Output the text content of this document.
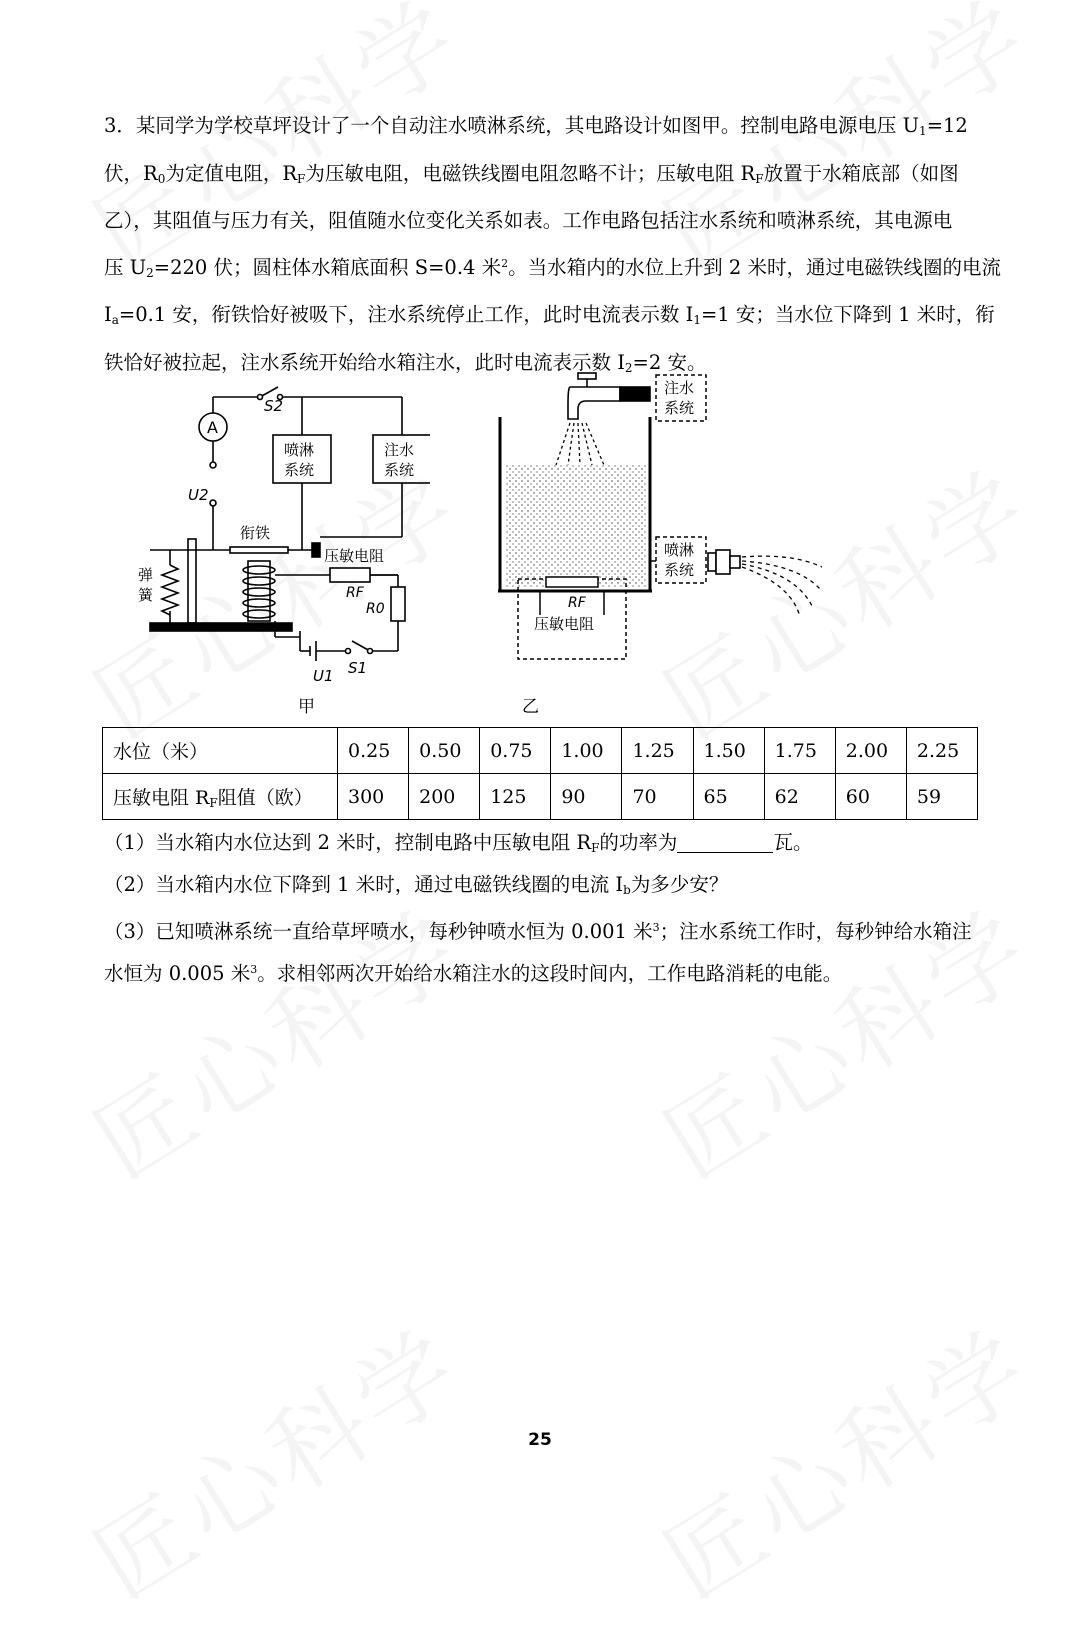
3．某同学为学校草坪设计了一个自动注水喷淋系统，其电路设计如图甲。控制电路电源电压 $U_1=12$
伏，$R_0$为定值电阻，$R_F$为压敏电阻，电磁铁线圈电阻忽略不计；压敏电阻 $R_F$放置于水箱底部（如图
乙），其阻值与压力有关，阻值随水位变化关系如表。工作电路包括注水系统和喷淋系统，其电源电
压 $U_2=220$ 伏；圆柱体水箱底面积 S=0.4 米$^2$。当水箱内的水位上升到 2 米时，通过电磁铁线圈的电流
$I_a=0.1$ 安，衔铁恰好被吸下，注水系统停止工作，此时电流表示数 $I_1=1$ 安；当水位下降到 1 米时，衔
铁恰好被拉起，注水系统开始给水箱注水，此时电流表示数 $I_2=2$ 安。
A
S2
U2
喷淋
系统
注水
系统
衔铁
压敏电阻
弹
簧	RF
R0
U1 S1
甲
注水
系统
喷淋
系统
RF
压敏电阻
乙
水位（米）	0.25	0.50	0.75	1.00	1.25	1.50	1.75	2.00	2.25
压敏电阻 $R_F$阻值（欧）	300	200	125	90	70	65	62	60	59
（1）当水箱内水位达到 2 米时，控制电路中压敏电阻 $R_F$的功率为	瓦。
（2）当水箱内水位下降到 1 米时，通过电磁铁线圈的电流 $I_b$为多少安？
（3）已知喷淋系统一直给草坪喷水，每秒钟喷水恒为 0.001 米$^3$；注水系统工作时，每秒钟给水箱注
水恒为 0.005 米$^3$。求相邻两次开始给水箱注水的这段时间内，工作电路消耗的电能。
25
